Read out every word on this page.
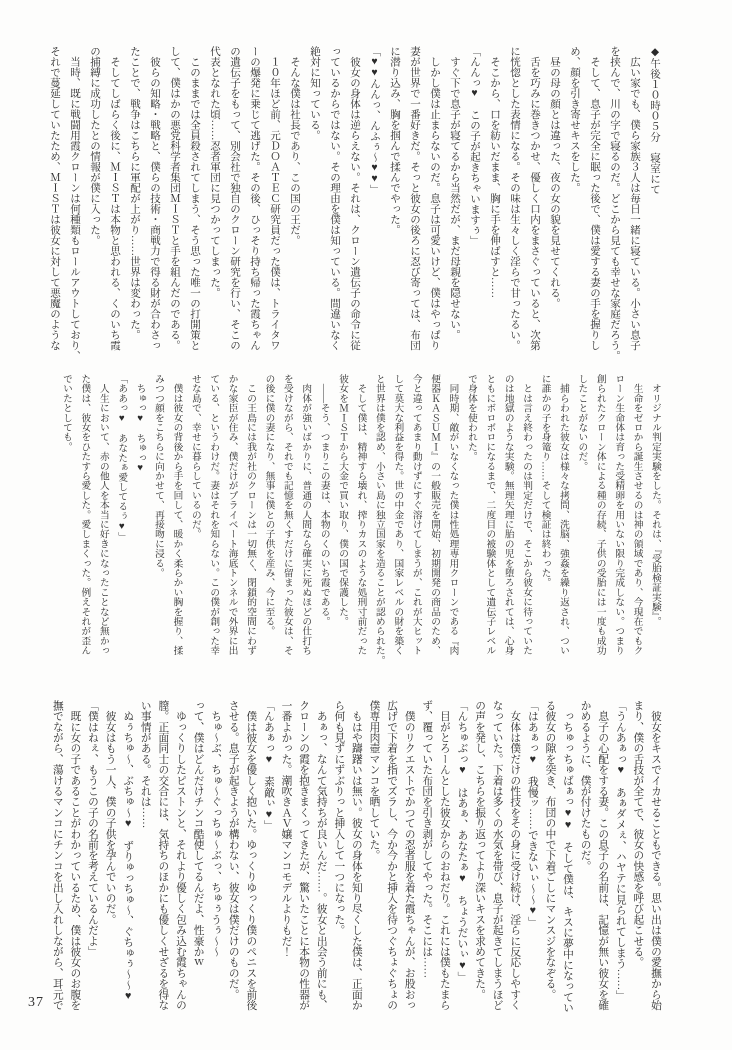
◆午後１０時０５分　寝室にて
　広い家でも、僕ら家族３人は毎日一緒に寝ている。小さい息子
を挟んで、川の字で寝るのだ。どこから見ても幸せな家庭だろう。
　そして、息子が完全に眠った後で、僕は愛する妻の手を握りし
め、顔を引き寄せキスをした。
　昼の母の顔とは違った、夜の女の貌を見せてくれる。
　舌を巧みに巻きつかせ、優しく口内をまさぐっていると、次第
に恍惚とした表情になる。その味は生々しく淫らで甘ったるい。
　そこから、口を紡いだまま、胸に手を伸ばすと……
「んんっ♥　この子が起きちゃいますぅ」
　すぐ下で息子が寝てるから当然だが、まだ母親を隠せない。
　しかし僕は止まらないのだ。息子は可愛いけど、僕はやっぱり
妻が世界で一番好きだ。そっと彼女の後ろに忍び寄っては、布団
に潜り込み、胸を掴んで揉んでやった。
「♥♥んんっ、んふぅ～♥♥」
　彼女の身体は逆らえない。それは、クローン遺伝子の命令に従
っているからではない。その理由を僕は知っている。間違いなく
絶対に知っている。
　そんな僕は社長であり、この国の王だ。
　１０年ほど前、元ＤＯＡＴＥＣ研究員だった僕は、トライタワ
ーの爆発に乗じて逃げた。その後、ひっそり持ち帰った霞ちゃん
の遺伝子をもって、別会社で独自のクローン研究を行い、そこの
代表となれた頃……忍者軍団に見つかってしまった。
　このままでは全員殺されてしまう、そう思った唯一の打開策と
して、僕はかの悪党科学者集団ＭＩＳＴと手を組んだのである。
　彼らの知略・戦略と、僕らの技術・商戦力で得る財が合わさっ
たことで、戦争はこちらに軍配が上がり……世界は変わった。
　そしてしばらく後に、ＭＩＳＴは本物と思われる、くのいち霞
の捕縛に成功したとの情報が僕に入った。
　当時、既に戦闘用霞クローンは何種類もロールアウトしており、
それで蔓延していたため、ＭＩＳＴは彼女に対して悪魔のような
　オリジナル判定実験をした。それは、『受胎検証実験』。
　生命をゼロから誕生させるのは神の領域であり、今現在でもク
ローン生命体は育った受精卵を用いない限り完成しない。つまり
創られたクローン体による種の存続、子供の受胎には一度も成功
したことがないのだ。
　捕らわれた彼女は様々な拷問、洗脳、強姦を繰り返され、つい
に誰かの子を身篭り……そして検証は終わった。
　とは言え終わったのは判定だけで、そこから彼女に待っていた
のは地獄のような実験。無理矢理に胎の児を堕ろされては、心身
ともにボロボロになるまで、二度目の被験体として遺伝子レベル
で身体を使われた。
　同時期、敵がいなくなった僕は性処理専用クローンである『肉
便器ＫＡＳＵＭＩ』の一般販売を開始、初期開発の商品のため、
今と違ってあまり動けずにすぐ溶けてしまうが、これが大ヒット
して莫大な利益を得た。世の中金であり、国家レベルの財を築く
と世界は僕を認め、小さい島に独立国家を造ることが認められた。
　そして僕は、精神すら壊れ、搾りカスのような処刑寸前だった
彼女をＭＩＳＴから大金で買い取り、僕の国で保護した。
　――そう、つまりこの妻は、本物のくのいち霞である。
　肉体が強いばかりに、普通の人間なら確実に死ぬほどの仕打ち
を受けながら、それでも記憶を無くすだけに留まった彼女は、そ
の後に僕の妻になり、無事に僕との子供を産み、今に至る。
　この王島には我が社のクローンは一切無く、閉鎖的空間にわず
かな家臣が住み、僕だけがプライベート海底トンネルで外界に出
ている、というわけだ。妻はそれを知らない。この僕が創った幸
せな島で、幸せに暮らしているのだ。
　僕は彼女の背後から手を回して、暖かく柔らかい胸を握り、揉
みつつ顔をこちらに向かせて、再接吻に浸る。
　ちゅっ♥　ちゅっ♥
「ああっ♥　あなたぁ愛してるぅ♥」
　人生において、赤の他人を本当に好きになったことなど無かっ
た僕は、彼女をひたすら愛した。愛しまくった。例えそれが歪ん
でいたとしても。
　彼女をキスでイカせることもできる。思い出は僕の愛撫から始
まり、僕の舌技が全てで、彼女の快感を呼び起こせる。
「うんあぁっ♥　あぁダメぇ、ハヤテに見られてしまう……」
　息子の心配をする妻。この息子の名前は、記憶が無い彼女を確
かめるように、僕が付けたものだ。
　っちゅっちゅばぁっ♥♥　そして僕は、キスに夢中になってい
る彼女の隙を突き、布団の中で下着ごしにマンスジをなぞる。
「はあぁっ♥　我慢ッ……できないぃ～～♥」
　女体は僕だけの性技をその身に受け続け、淫らに反応しやすく
なっていた。下着は多くの水気を帯び、息子が起きてしまうほど
の声を発し、こちらを振り返ってより深いキスを求めてきた。
「んちゅぶっ♥　はあぁ、あなたぁ♥　ちょうだいぃ♥」
　目がとろーんとした彼女からのおねだり。これには僕もたまら
ず、覆っていた布団を引き剥がしてやった。そこには……
　僕のリクエストでかつての忍者服を着た霞ちゃんが、お股おっ
広げで下着を指でズラし、今か今かと挿入を待つぐちょぐちょの
僕専用肉壺マンコを晒していた。
　もはや躊躇いは無い。彼女の身体を知り尽くした僕は、正面か
ら何も見ずにずぶりっと挿入して一つになった。
　あぁっ、なんて気持ちが良いんだ……。彼女と出会う前にも、
クローンの霞を抱きまくってきたが、驚いたことに本物の性器が
一番よかった。潮吹きＡＶ嬢マンコモデルよりもだ！
「んあぁっ♥　素敵ぃ♥」
　僕は彼女を優しく抱いた。ゆっくりゆっくり僕のペニスを前後
させる。息子が起きようが構わない、彼女は僕だけのものだ。
　ちゅ～ぶ、ちゅ～ぐっちゅ～ぶっ、ちゅぅうぅ～～
って、僕はどんだけチンコ酷使してるんだよ、性豪かｗ
　ゆっくりしたピストンと、それより優しく包み込む霞ちゃんの
膣。正面同士の交合には、気持ちのほかにも優しくせざるを得な
い事情がある。それは……
　ぬぅちゅ～、ぶちゅ～♥　ずりゅっちゅ～、ぐちゅぅ～～♥
　彼女はもう一人、僕の子供を孕んでいのだ。
「僕はねぇ、もうこの子の名前を考えているんだよ」
　既に女の子であることがわかっているため、僕は彼女のお腹を
撫でながら、蕩けるマンコにチンコを出し入れしながら、耳元で
37
